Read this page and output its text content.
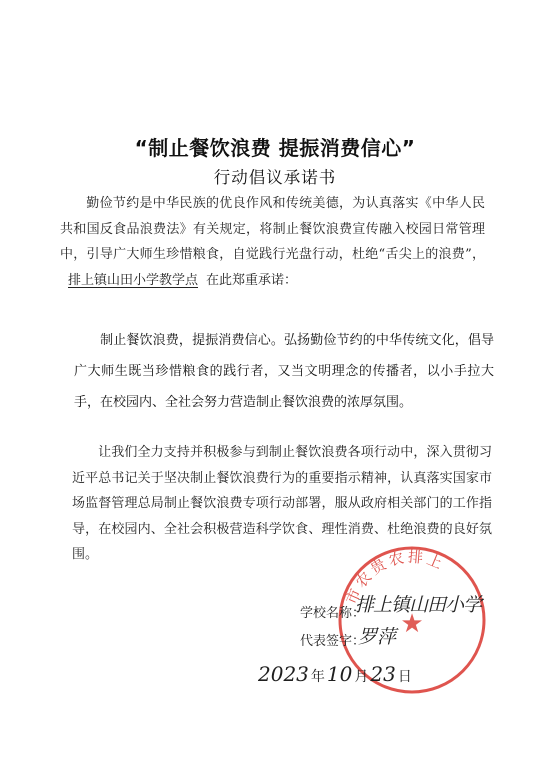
“制止餐饮浪费 提振消费信心”
行动倡议承诺书

勤俭节约是中华民族的优良作风和传统美德，为认真落实《中华人民共和国反食品浪费法》有关规定，将制止餐饮浪费宣传融入校园日常管理中，引导广大师生珍惜粮食，自觉践行光盘行动，杜绝“舌尖上的浪费”，排上镇山田小学教学点 在此郑重承诺：

制止餐饮浪费，提振消费信心。弘扬勤俭节约的中华传统文化，倡导广大师生既当珍惜粮食的践行者，又当文明理念的传播者，以小手拉大手，在校园内、全社会努力营造制止餐饮浪费的浓厚氛围。

让我们全力支持并积极参与到制止餐饮浪费各项行动中，深入贯彻习近平总书记关于坚决制止餐饮浪费行为的重要指示精神，认真落实国家市场监督管理总局制止餐饮浪费专项行动部署，服从政府相关部门的工作指导，在校园内、全社会积极营造科学饮食、理性消费、杜绝浪费的良好氛围。

市农贵农排上
★
学校名称：
排上镇山田小学
代表签字：
罗萍
2023 年 10 月 23 日
